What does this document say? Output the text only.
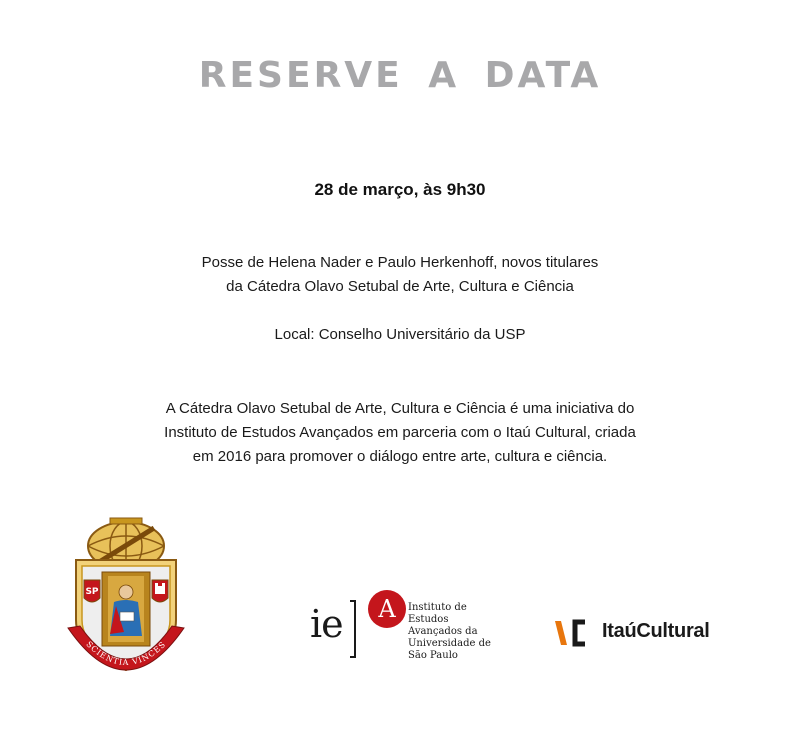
RESERVE A DATA
28 de março, às 9h30
Posse de Helena Nader e Paulo Herkenhoff, novos titulares
da Cátedra Olavo Setubal de Arte, Cultura e Ciência
Local: Conselho Universitário da USP
A Cátedra Olavo Setubal de Arte, Cultura e Ciência é uma iniciativa do
Instituto de Estudos Avançados em parceria com o Itaú Cultural, criada
em 2016 para promover o diálogo entre arte, cultura e ciência.
SP
SCIENTIA VINCES	ie	A	Instituto de
Estudos
Avançados da
Universidade de
São Paulo
ItaúCultural
